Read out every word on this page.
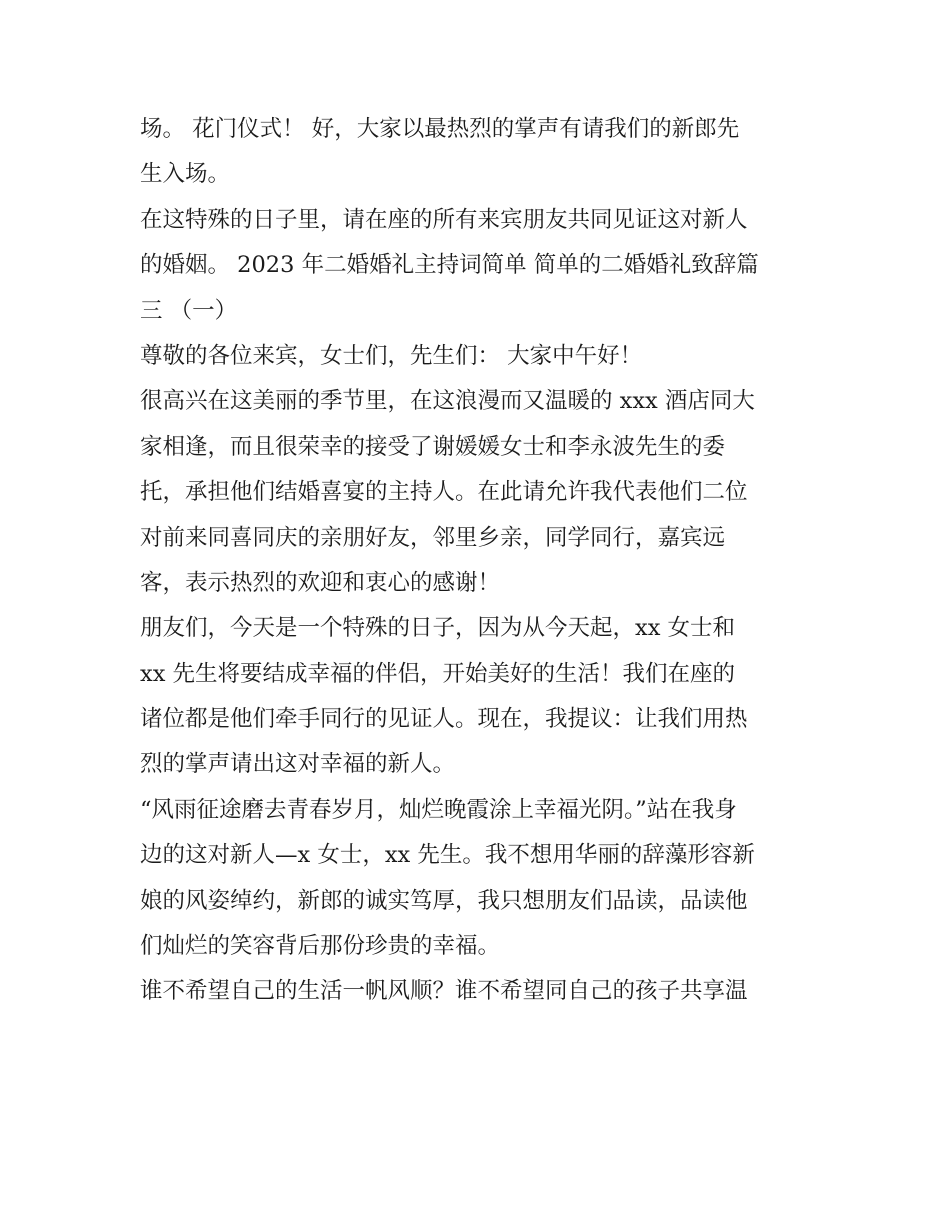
场。 花门仪式！ 好，大家以最热烈的掌声有请我们的新郎先
生入场。
在这特殊的日子里，请在座的所有来宾朋友共同见证这对新人
的婚姻。 2023 年二婚婚礼主持词简单 简单的二婚婚礼致辞篇
三 （一）
尊敬的各位来宾，女士们，先生们： 大家中午好！
很高兴在这美丽的季节里，在这浪漫而又温暖的 xxx 酒店同大
家相逢，而且很荣幸的接受了谢媛媛女士和李永波先生的委
托，承担他们结婚喜宴的主持人。在此请允许我代表他们二位
对前来同喜同庆的亲朋好友，邻里乡亲，同学同行，嘉宾远
客，表示热烈的欢迎和衷心的感谢！
朋友们，今天是一个特殊的日子，因为从今天起，xx 女士和
xx 先生将要结成幸福的伴侣，开始美好的生活！我们在座的
诸位都是他们牵手同行的见证人。现在，我提议：让我们用热
烈的掌声请出这对幸福的新人。
“风雨征途磨去青春岁月，灿烂晚霞涂上幸福光阴。”站在我身
边的这对新人—x 女士，xx 先生。我不想用华丽的辞藻形容新
娘的风姿绰约，新郎的诚实笃厚，我只想朋友们品读，品读他
们灿烂的笑容背后那份珍贵的幸福。
谁不希望自己的生活一帆风顺？谁不希望同自己的孩子共享温
